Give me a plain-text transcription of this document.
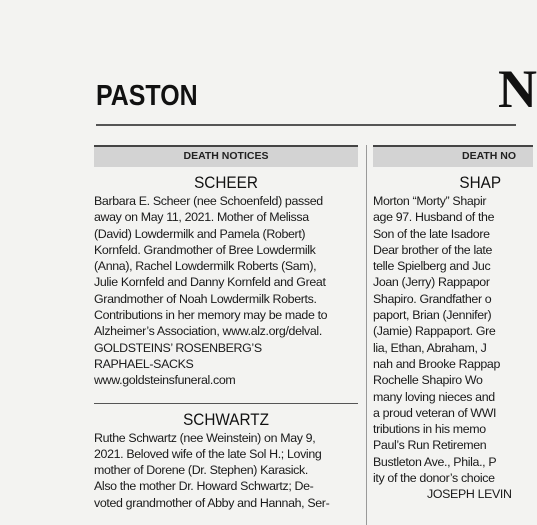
PASTON	N
DEATH NOTICES
SCHEER
Barbara E. Scheer (nee Schoenfeld) passed
away on May 11, 2021. Mother of Melissa
(David) Lowdermilk and Pamela (Robert)
Kornfeld. Grandmother of Bree Lowdermilk
(Anna), Rachel Lowdermilk Roberts (Sam),
Julie Kornfeld and Danny Kornfeld and Great
Grandmother of Noah Lowdermilk Roberts.
Contributions in her memory may be made to
Alzheimer’s Association, www.alz.org/delval.
GOLDSTEINS’ ROSENBERG’S
RAPHAEL-SACKS
www.goldsteinsfuneral.com
SCHWARTZ
Ruthe Schwartz (nee Weinstein) on May 9,
2021. Beloved wife of the late Sol H.; Loving
mother of Dorene (Dr. Stephen) Karasick.
Also the mother Dr. Howard Schwartz; De-
voted grandmother of Abby and Hannah, Ser-
DEATH NO
SHAP
Morton “Morty” Shapir
age 97. Husband of the
Son of the late Isadore
Dear brother of the late
telle Spielberg and Juc
Joan (Jerry) Rappapor
Shapiro. Grandfather o
paport, Brian (Jennifer)
(Jamie) Rappaport. Gre
lia, Ethan, Abraham, J
nah and Brooke Rappap
Rochelle Shapiro Wo
many loving nieces and
a proud veteran of WWI
tributions in his memo
Paul’s Run Retiremen
Bustleton Ave., Phila., P
ity of the donor’s choice
JOSEPH LEVIN
